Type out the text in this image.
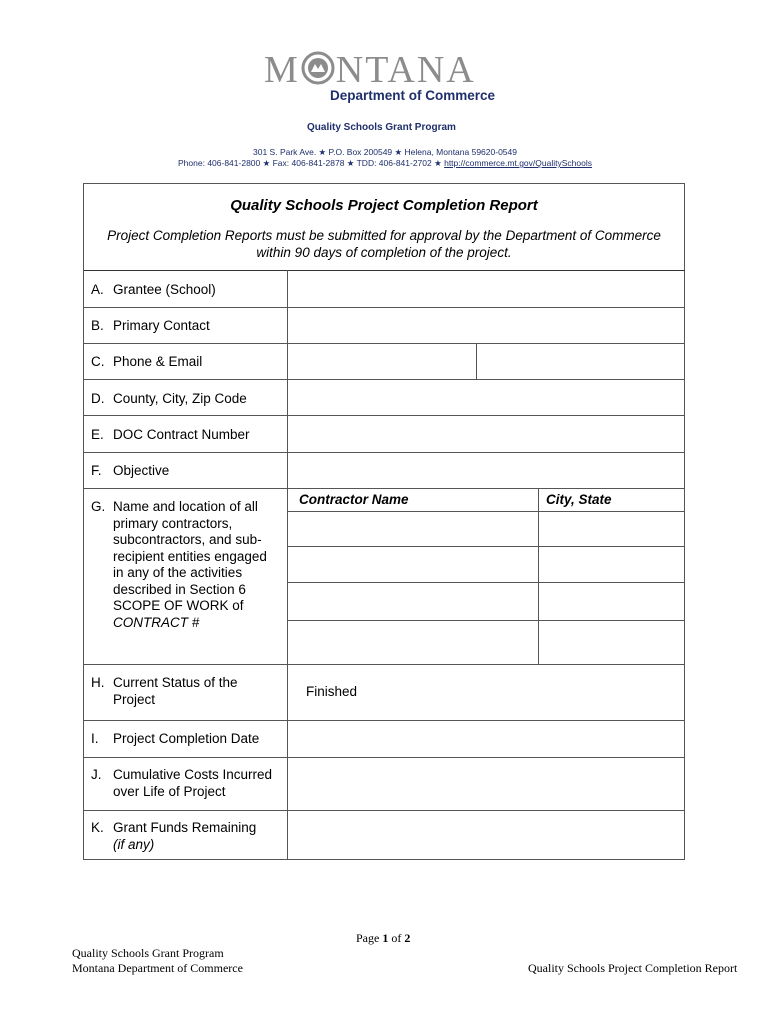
M NTANA
Department of Commerce
Quality Schools Grant Program
301 S. Park Ave. ★ P.O. Box 200549 ★ Helena, Montana 59620-0549
Phone: 406-841-2800 ★ Fax: 406-841-2878 ★ TDD: 406-841-2702 ★ http://commerce.mt.gov/QualitySchools
Quality Schools Project Completion Report
Project Completion Reports must be submitted for approval by the Department of Commerce
within 90 days of completion of the project.
A. Grantee (School)
B. Primary Contact
C. Phone & Email
D. County, City, Zip Code
E. DOC Contract Number
F. Objective
G. Name and location of all
primary contractors,
subcontractors, and sub-
recipient entities engaged
in any of the activities
described in Section 6
SCOPE OF WORK of
CONTRACT #
Contractor Name	City, State
H. Current Status of the
Project	Finished
I. Project Completion Date
J. Cumulative Costs Incurred
over Life of Project
K. Grant Funds Remaining
(if any)
Page 1 of 2
Quality Schools Grant Program
Montana Department of Commerce	Quality Schools Project Completion Report
